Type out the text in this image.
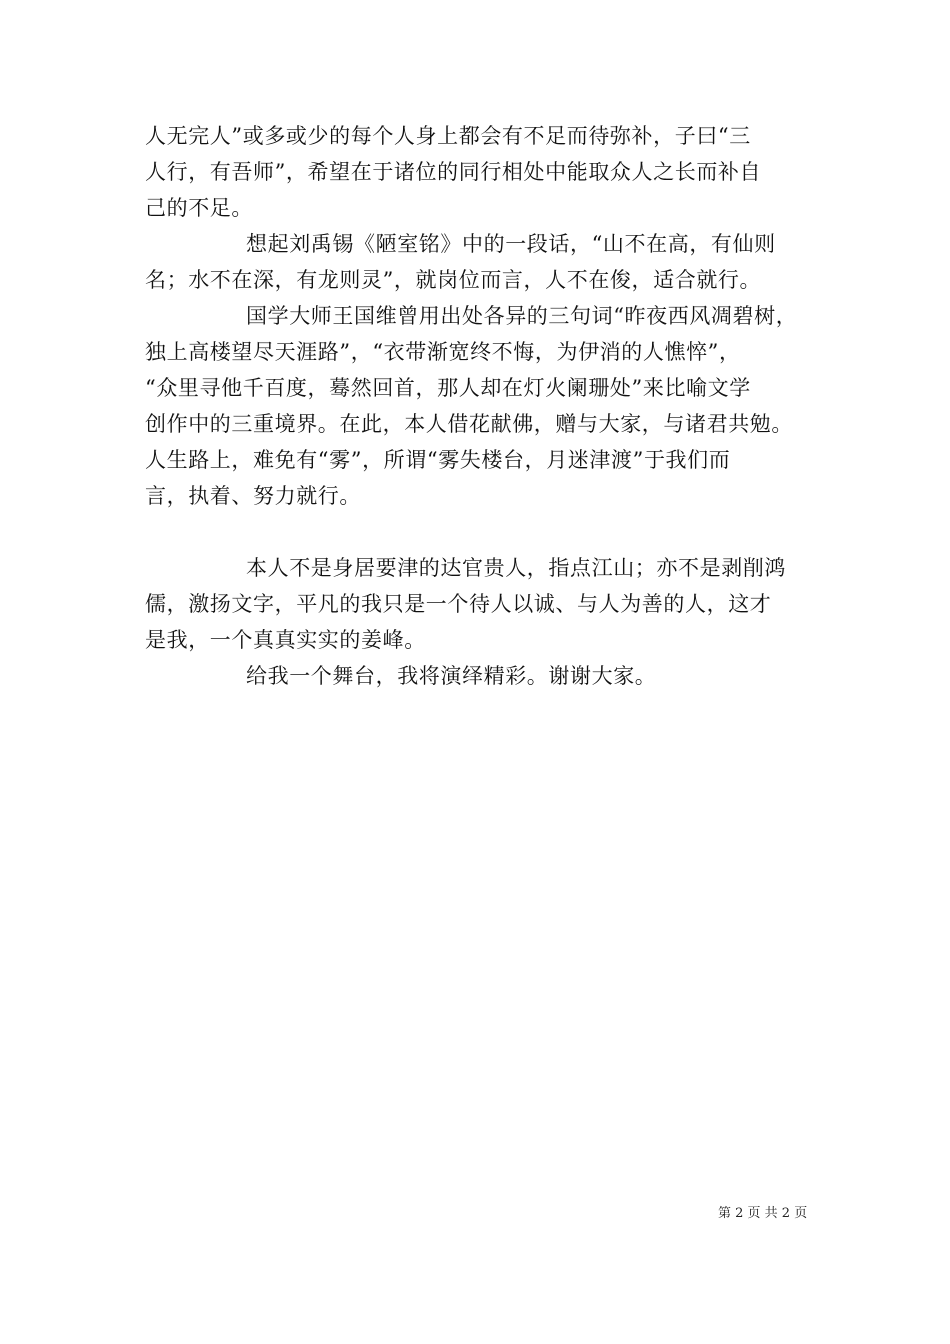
人无完人”或多或少的每个人身上都会有不足而待弥补，子曰“三
人行，有吾师”，希望在于诸位的同行相处中能取众人之长而补自
己的不足。
想起刘禹锡《陋室铭》中的一段话，“山不在高，有仙则
名；水不在深，有龙则灵”，就岗位而言，人不在俊，适合就行。
国学大师王国维曾用出处各异的三句词“昨夜西风凋碧树，
独上高楼望尽天涯路”，“衣带渐宽终不悔，为伊消的人憔悴”，
“众里寻他千百度，蓦然回首，那人却在灯火阑珊处”来比喻文学
创作中的三重境界。在此，本人借花献佛，赠与大家，与诸君共勉。
人生路上，难免有“雾”，所谓“雾失楼台，月迷津渡”于我们而
言，执着、努力就行。
本人不是身居要津的达官贵人，指点江山；亦不是剥削鸿
儒，激扬文字，平凡的我只是一个待人以诚、与人为善的人，这才
是我，一个真真实实的姜峰。
给我一个舞台，我将演绎精彩。谢谢大家。
第 2 页 共 2 页
